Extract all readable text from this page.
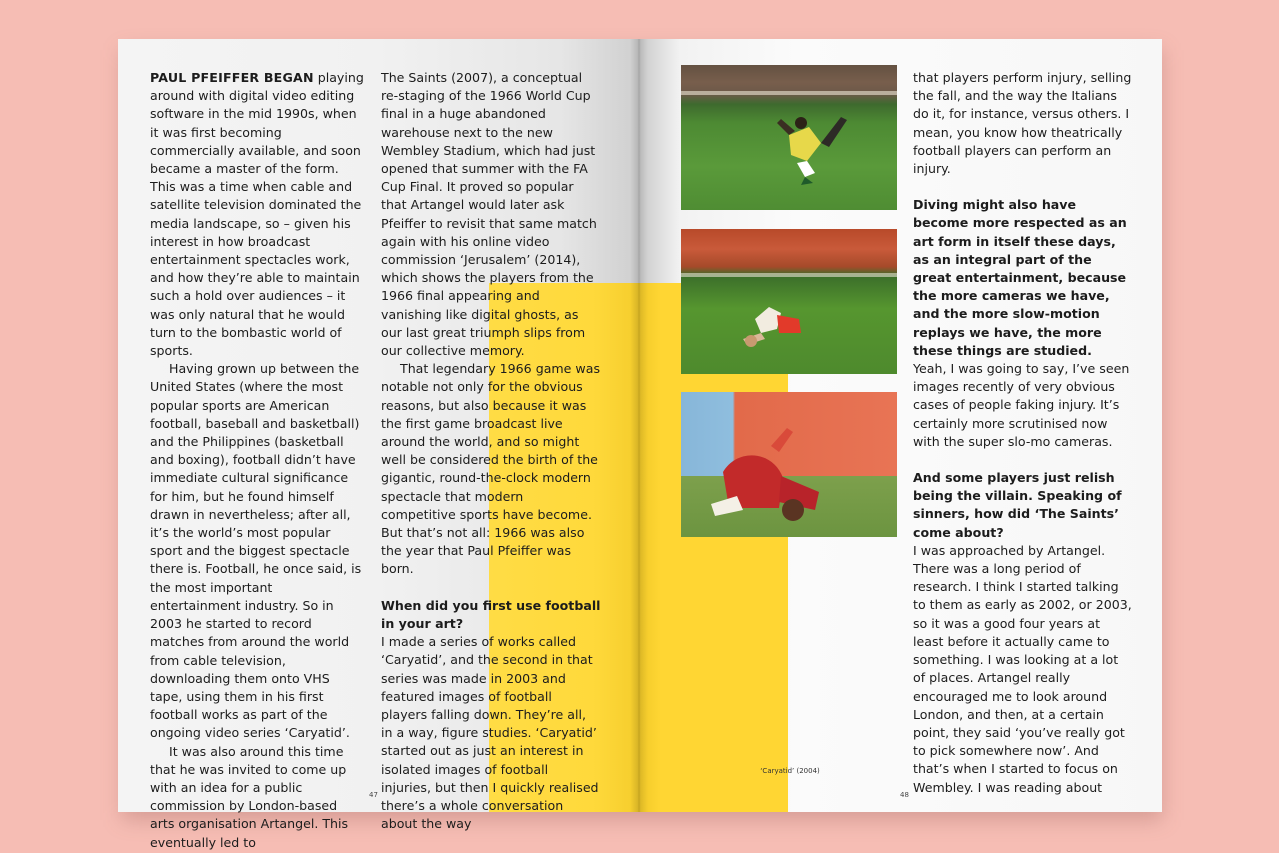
PAUL PFEIFFER BEGAN playing around with digital video editing software in the mid 1990s, when it was first becoming commercially available, and soon became a master of the form. This was a time when cable and satellite television dominated the media landscape, so – given his interest in how broadcast entertainment spectacles work, and how they’re able to maintain such a hold over audiences – it was only natural that he would turn to the bombastic world of sports.

Having grown up between the United States (where the most popular sports are American football, baseball and basketball) and the Philippines (basketball and boxing), football didn’t have immediate cultural significance for him, but he found himself drawn in nevertheless; after all, it’s the world’s most popular sport and the biggest spectacle there is. Football, he once said, is the most important entertainment industry. So in 2003 he started to record matches from around the world from cable television, downloading them onto VHS tape, using them in his first football works as part of the ongoing video series ‘Caryatid’.

It was also around this time that he was invited to come up with an idea for a public commission by London-based arts organisation Artangel. This eventually led to

The Saints (2007), a conceptual re-staging of the 1966 World Cup final in a huge abandoned warehouse next to the new Wembley Stadium, which had just opened that summer with the FA Cup Final. It proved so popular that Artangel would later ask Pfeiffer to revisit that same match again with his online video commission ‘Jerusalem’ (2014), which shows the players from the 1966 final appearing and vanishing like digital ghosts, as our last great triumph slips from our collective memory.

That legendary 1966 game was notable not only for the obvious reasons, but also because it was the first game broadcast live around the world, and so might well be considered the birth of the gigantic, round-the-clock modern spectacle that modern competitive sports have become. But that’s not all: 1966 was also the year that Paul Pfeiffer was born.

When did you first use football in your art?

I made a series of works called ‘Caryatid’, and the second in that series was made in 2003 and featured images of football players falling down. They’re all, in a way, figure studies. ‘Caryatid’ started out as just an interest in isolated images of football injuries, but then I quickly realised there’s a whole conversation about the way

47
‘Caryatid’ (2004)

that players perform injury, selling the fall, and the way the Italians do it, for instance, versus others. I mean, you know how theatrically football players can perform an injury.

Diving might also have become more respected as an art form in itself these days, as an integral part of the great entertainment, because the more cameras we have, and the more slow-motion replays we have, the more these things are studied.

Yeah, I was going to say, I’ve seen images recently of very obvious cases of people faking injury. It’s certainly more scrutinised now with the super slo-mo cameras.

And some players just relish being the villain. Speaking of sinners, how did ‘The Saints’ come about?

I was approached by Artangel. There was a long period of research. I think I started talking to them as early as 2002, or 2003, so it was a good four years at least before it actually came to something. I was looking at a lot of places. Artangel really encouraged me to look around London, and then, at a certain point, they said ‘you’ve really got to pick somewhere now’. And that’s when I started to focus on Wembley. I was reading about

48
